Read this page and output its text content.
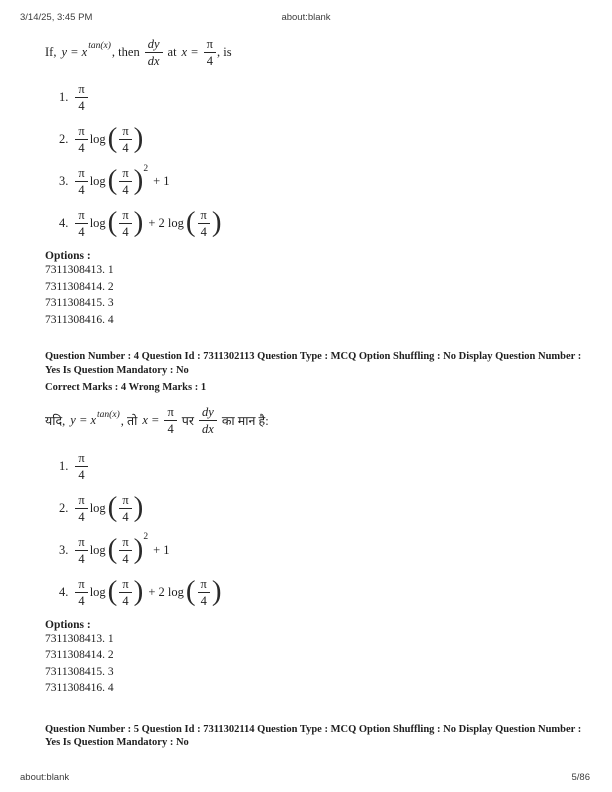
3/14/25, 3:45 PM	about:blank
If, y = x tan(x) , then $\frac{dy}{dx}$ at $x = \frac{\pi}{4}$ , is
1. $\frac{\pi}{4}$
2. $\frac{\pi}{4}$ log ( $\frac{\pi}{4}$ )
3. $\frac{\pi}{4}$ log ( $\frac{\pi}{4}$ ) 2
+ 1
4. $\frac{\pi}{4}$ log ( $\frac{\pi}{4}$ ) + 2 log ( $\frac{\pi}{4}$ )
Options :
7311308413. 1
7311308414. 2
7311308415. 3
7311308416. 4
Question Number : 4 Question Id : 7311302113 Question Type : MCQ Option Shuffling : No Display Question Number : Yes Is Question Mandatory : No
Correct Marks : 4 Wrong Marks : 1
यदि, y = x tan(x) , तो $x = \frac{\pi}{4}$ पर $\frac{dy}{dx}$ का मान है:
1. $\frac{\pi}{4}$
2. $\frac{\pi}{4}$ log ( $\frac{\pi}{4}$ )
3. $\frac{\pi}{4}$ log ( $\frac{\pi}{4}$ ) 2
+ 1
4. $\frac{\pi}{4}$ log ( $\frac{\pi}{4}$ ) + 2 log ( $\frac{\pi}{4}$ )
Options :
7311308413. 1
7311308414. 2
7311308415. 3
7311308416. 4
Question Number : 5 Question Id : 7311302114 Question Type : MCQ Option Shuffling : No Display Question Number : Yes Is Question Mandatory : No
about:blank	5/86
